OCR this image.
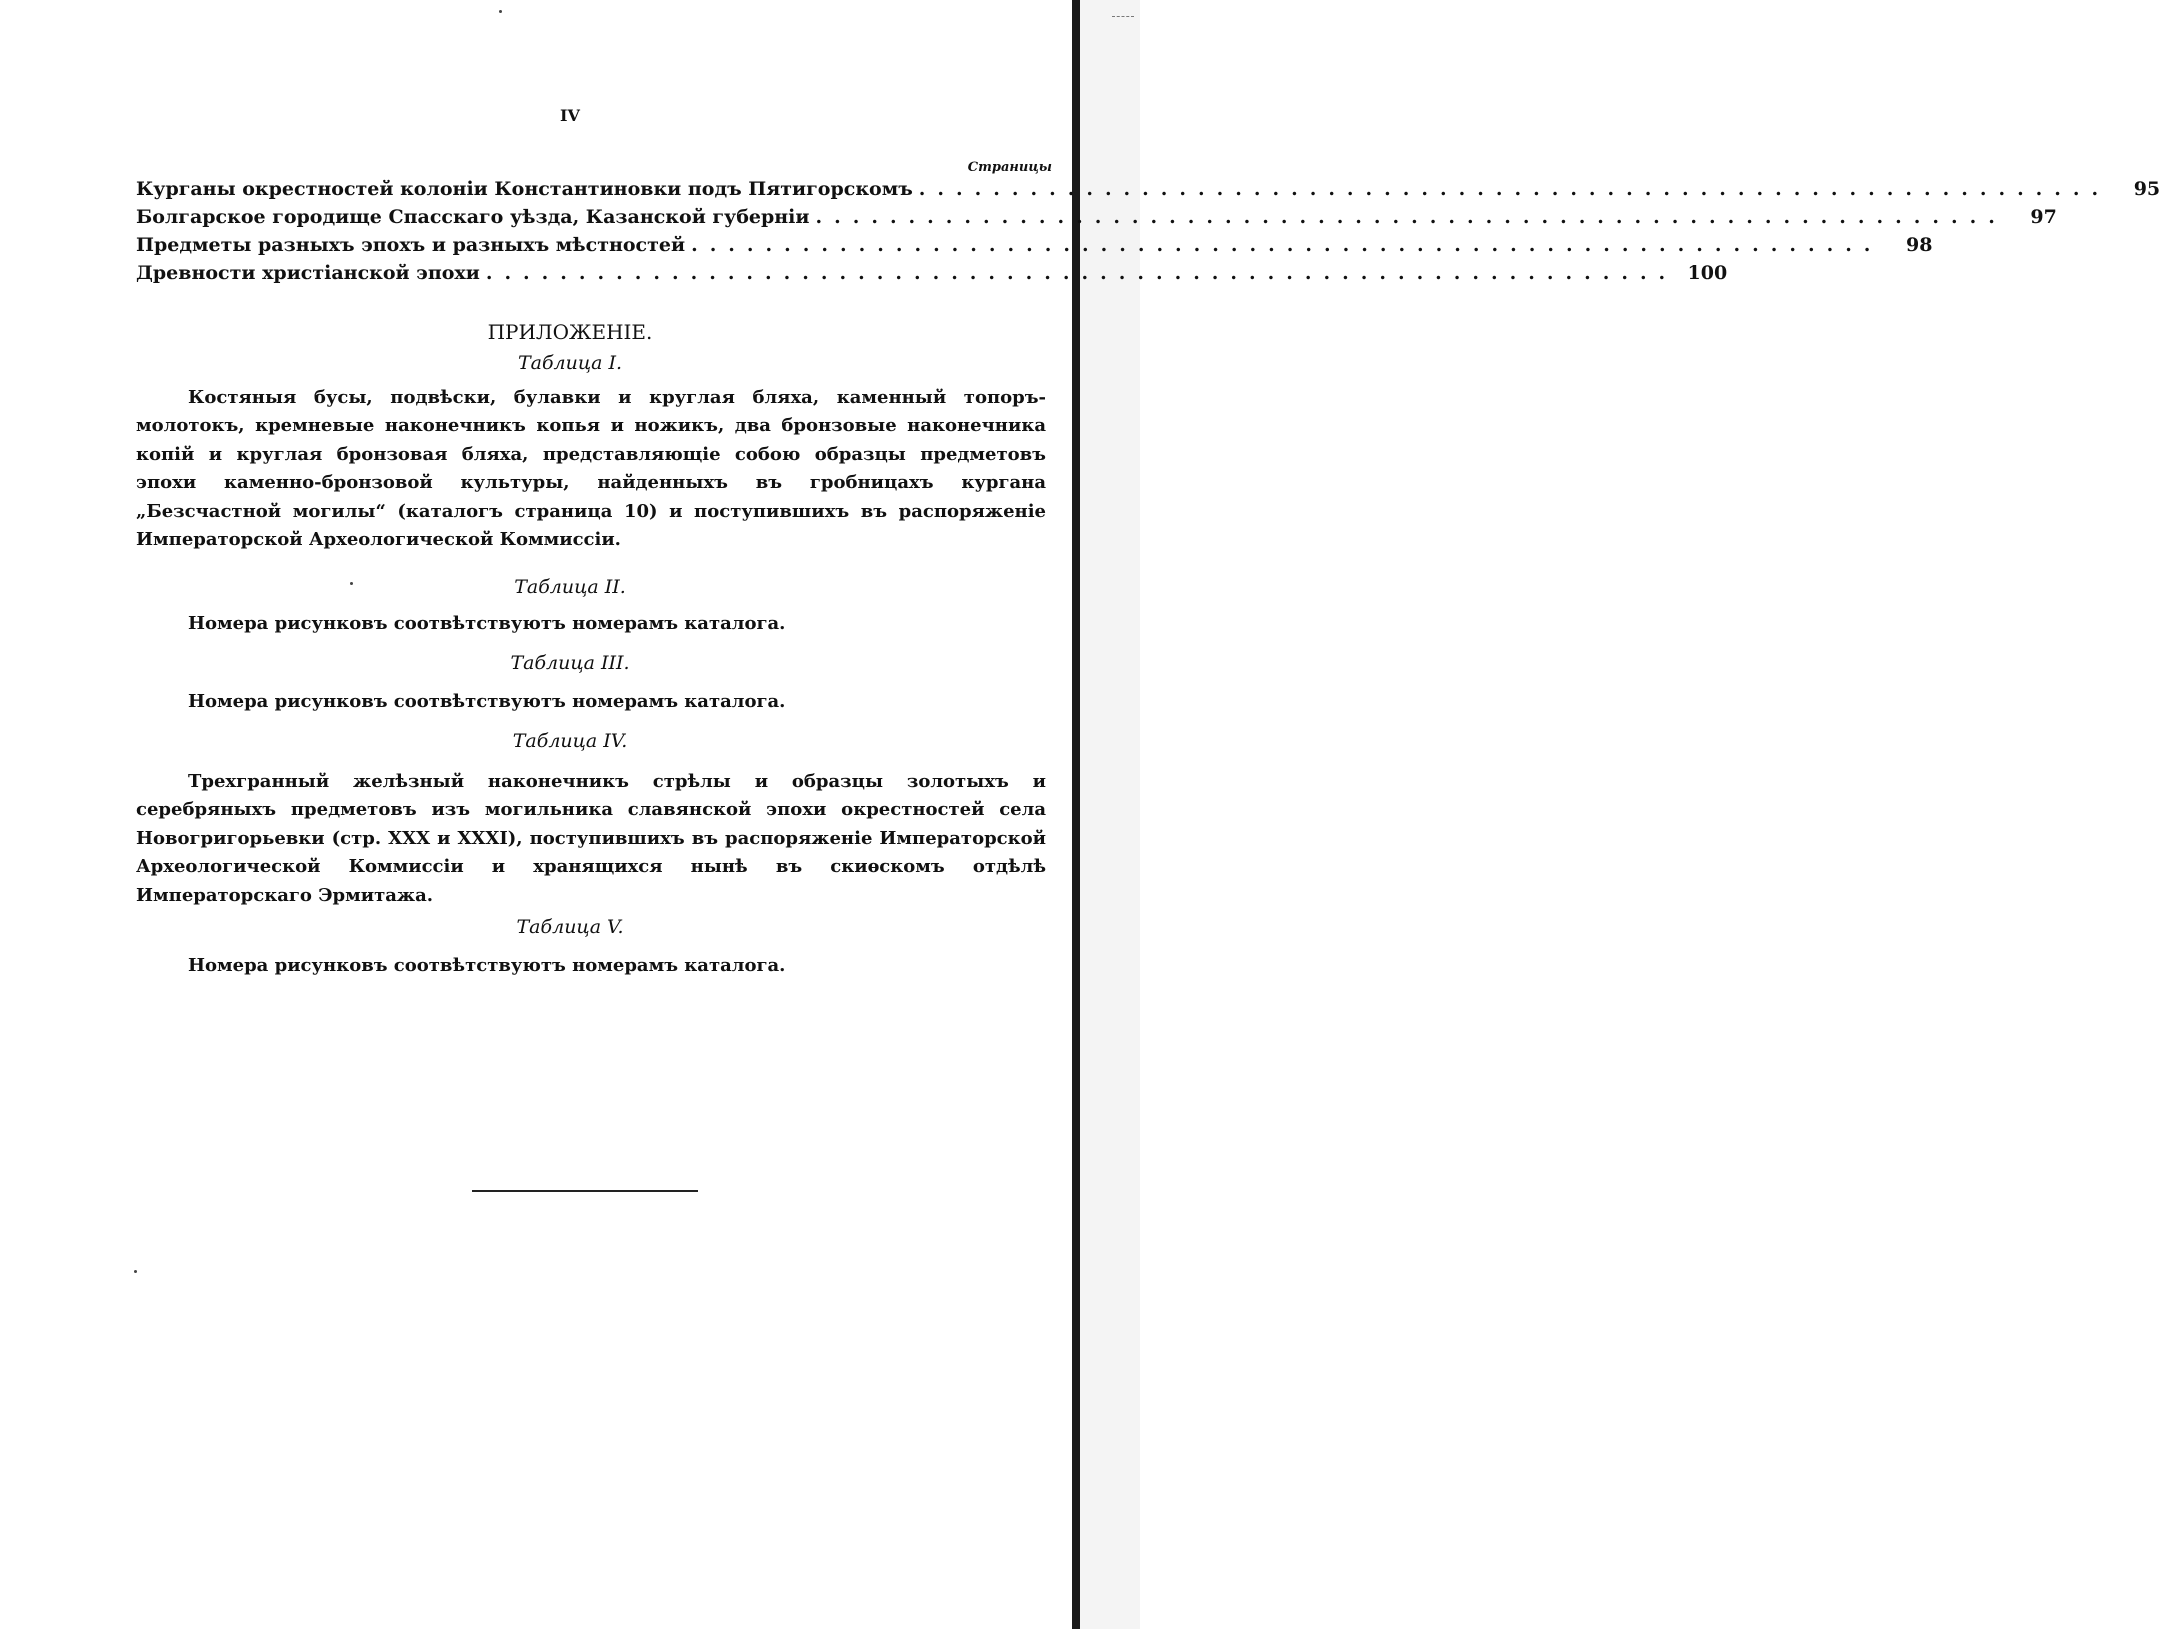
IV
Страницы
Курганы окрестностей колоніи Константиновки подъ Пятигорскомъ ................................................................	95
Болгарское городище Спасскаго уѣзда, Казанской губерніи ................................................................	97
Предметы разныхъ эпохъ и разныхъ мѣстностей ................................................................	98
Древности христіанской эпохи ................................................................ 100
ПРИЛОЖЕНІЕ.
Таблица I.
Костяныя бусы, подвѣски, булавки и круглая бляха, каменный топоръ-молотокъ, кремневые наконечникъ копья и ножикъ, два бронзовые наконечника копій и круглая бронзовая бляха, представляющіе собою образцы предметовъ эпохи каменно-бронзовой культуры, найденныхъ въ гробницахъ кургана „Безсчастной могилы“ (каталогъ страница 10) и поступившихъ въ распоряженіе Императорской Археологической Коммиссіи.
Таблица II.
Номера рисунковъ соотвѣтствуютъ номерамъ каталога.
Таблица III.
Номера рисунковъ соотвѣтствуютъ номерамъ каталога.
Таблица IV.
Трехгранный желѣзный наконечникъ стрѣлы и образцы золотыхъ и серебряныхъ предметовъ изъ могильника славянской эпохи окрестностей села Новогригорьевки (стр. XXX и XXXI), поступившихъ въ распоряженіе Императорской Археологической Коммиссіи и хранящихся нынѣ въ скиѳскомъ отдѣлѣ Императорскаго Эрмитажа.
Таблица V.
Номера рисунковъ соотвѣтствуютъ номерамъ каталога.
